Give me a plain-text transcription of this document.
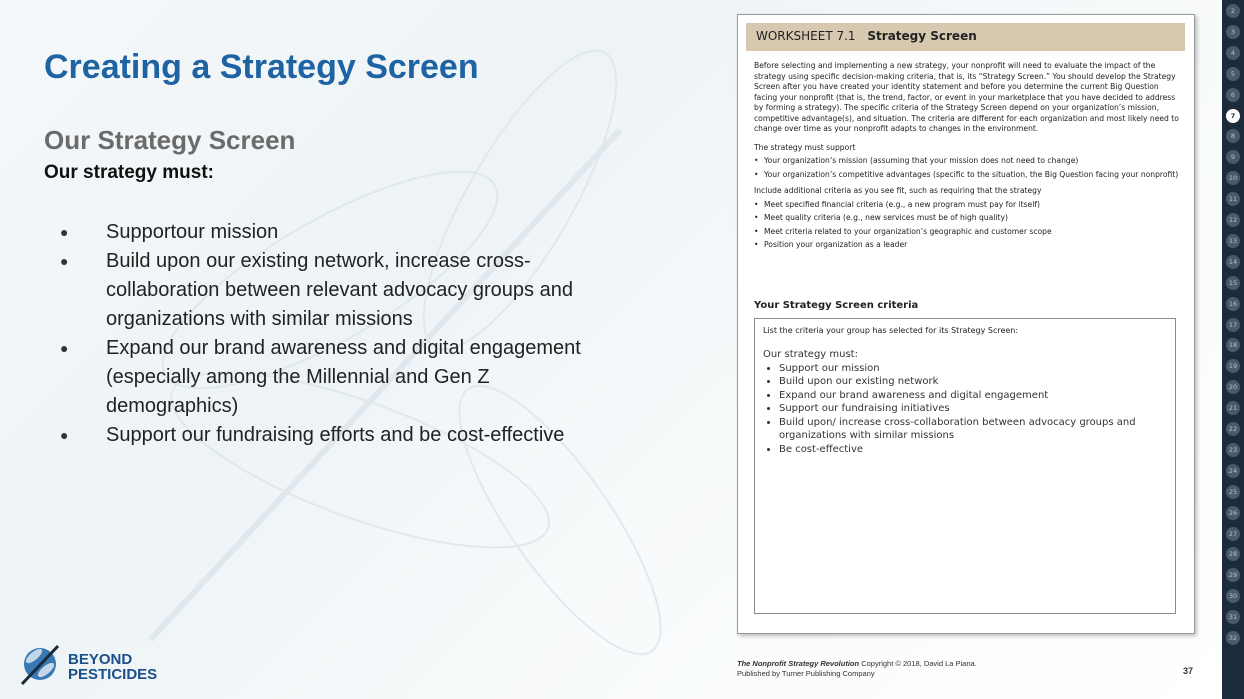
Creating a Strategy Screen
Our Strategy Screen
Our strategy must:
● Supportour mission
● Build upon our existing network, increase cross-collaboration between relevant advocacy groups and organizations with similar missions
● Expand our brand awareness and digital engagement (especially among the Millennial and Gen Z demographics)
● Support our fundraising efforts and be cost-effective
BEYOND
PESTICIDES
WORKSHEET 7.1 Strategy Screen

Before selecting and implementing a new strategy, your nonprofit will need to evaluate the impact of the strategy using specific decision-making criteria, that is, its “Strategy Screen.” You should develop the Strategy Screen after you have created your identity statement and before you determine the current Big Question facing your nonprofit (that is, the trend, factor, or event in your marketplace that you have decided to address by forming a strategy). The specific criteria of the Strategy Screen depend on your organization’s mission, competitive advantage(s), and situation. The criteria are different for each organization and most likely need to change over time as your nonprofit adapts to changes in the environment.

The strategy must support
• Your organization’s mission (assuming that your mission does not need to change)
• Your organization’s competitive advantages (specific to the situation, the Big Question facing your nonprofit)
Include additional criteria as you see fit, such as requiring that the strategy
• Meet specified financial criteria (e.g., a new program must pay for itself)
• Meet quality criteria (e.g., new services must be of high quality)
• Meet criteria related to your organization’s geographic and customer scope
• Position your organization as a leader
Your Strategy Screen criteria
List the criteria your group has selected for its Strategy Screen:
Our strategy must:
• Support our mission
• Build upon our existing network
• Expand our brand awareness and digital engagement
• Support our fundraising initiatives
• Build upon/ increase cross-collaboration between advocacy groups and organizations with similar missions
• Be cost-effective
The Nonprofit Strategy Revolution Copyright © 2018, David La Piana.
Published by Turner Publishing Company	37
2
3
4
5
6
7
8
9
10
11
12
13
14
15
16
17
18
19
20
21
22
23
24
25
26
27
28
29
30
31
32
